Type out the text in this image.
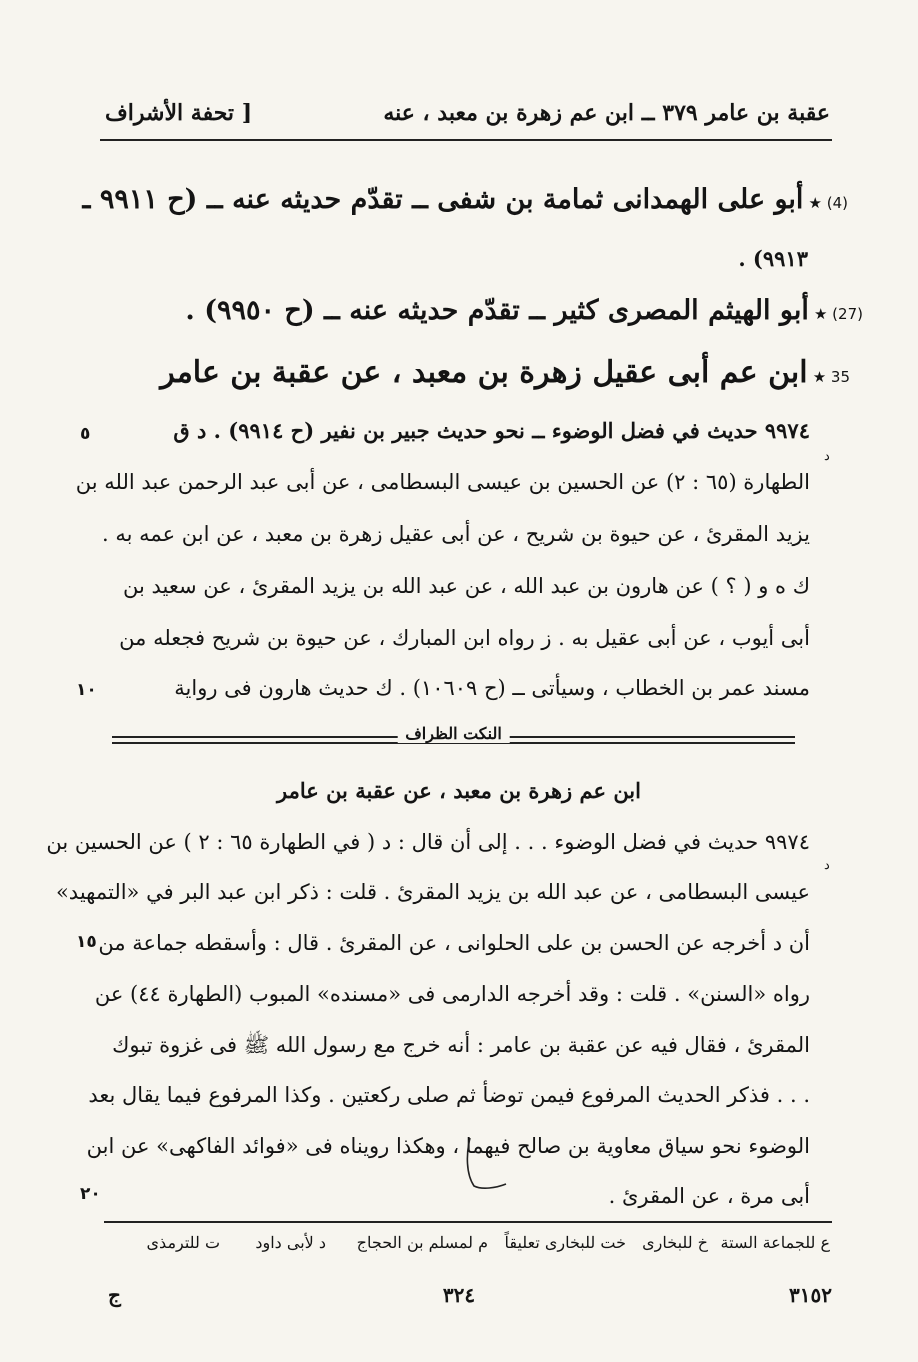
عقبة بن عامر ٣٧٩ ــ ابن عم زهرة بن معبد ، عنه
[ تحفة الأشراف
(4) ★ أبو على الهمدانى ثمامة بن شفى ــ تقدّم حديثه عنه ــ (ح ٩٩١١ ـ
٩٩١٣) .
(27) ★ أبو الهيثم المصرى كثير ــ تقدّم حديثه عنه ــ (ح ٩٩٥٠) .
35 ★ ابن عم أبى عقيل زهرة بن معبد ، عن عقبة بن عامر
٩٩٧٤ حديث في فضل الوضوء ــ نحو حديث جبير بن نفير (ح ٩٩١٤) . د ق
الطهارة (٦٥ : ٢) عن الحسين بن عيسى البسطامى ، عن أبى عبد الرحمن عبد الله بن
يزيد المقرئ ، عن حيوة بن شريح ، عن أبى عقيل زهرة بن معبد ، عن ابن عمه به .
ك ه و ( ؟ ) عن هارون بن عبد الله ، عن عبد الله بن يزيد المقرئ ، عن سعيد بن
أبى أيوب ، عن أبى عقيل به . ز رواه ابن المبارك ، عن حيوة بن شريح فجعله من
مسند عمر بن الخطاب ، وسيأتى ــ (ح ١٠٦٠٩) . ك حديث هارون فى رواية
٥
١٠
١٥
٢٠
د
د
النكت الظراف
ابن عم زهرة بن معبد ، عن عقبة بن عامر
٩٩٧٤ حديث في فضل الوضوء . . . إلى أن قال : د ( في الطهارة ٦٥ : ٢ ) عن الحسين بن
عيسى البسطامى ، عن عبد الله بن يزيد المقرئ . قلت : ذكر ابن عبد البر في «التمهيد»
أن د أخرجه عن الحسن بن على الحلوانى ، عن المقرئ . قال : وأسقطه جماعة من
رواه «السنن» . قلت : وقد أخرجه الدارمى فى «مسنده» المبوب (الطهارة ٤٤) عن
المقرئ ، فقال فيه عن عقبة بن عامر : أنه خرج مع رسول الله ﷺ فى غزوة تبوك
. . . فذكر الحديث المرفوع فيمن توضأ ثم صلى ركعتين . وكذا المرفوع فيما يقال بعد
الوضوء نحو سياق معاوية بن صالح فيهما ، وهكذا رويناه فى «فوائد الفاكهى» عن ابن
أبى مرة ، عن المقرئ .
ع للجماعة الستة
خ للبخارى
خت للبخارى تعليقاً
م لمسلم بن الحجاج
د لأبى داود
ت للترمذى
٣١٥٢
٣٢٤
ج
